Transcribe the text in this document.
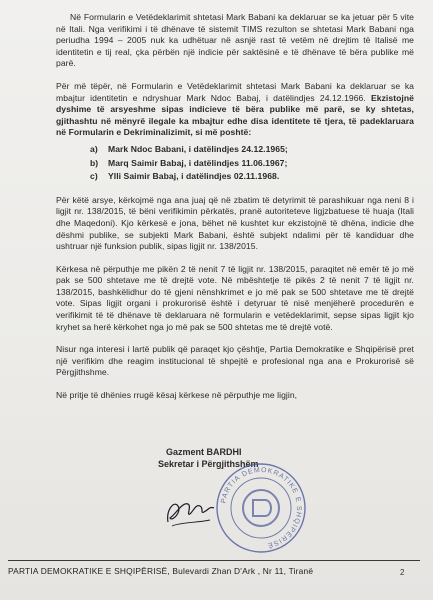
Në Formularin e Vetëdeklarimit shtetasi Mark Babani ka deklaruar se ka jetuar për 5 vite në Itali. Nga verifikimi i të dhënave të sistemit TIMS rezulton se shtetasi Mark Babani nga periudha 1994 – 2005 nuk ka udhëtuar në asnjë rast të vetëm në drejtim të Italisë me identitetin e tij real, çka përbën një indicie për saktësinë e të dhënave të bëra publike më parë.

Për më tëpër, në Formularin e Vetëdeklarimit shtetasi Mark Babani ka deklaruar se ka mbajtur identitetin e ndryshuar Mark Ndoc Babaj, i datëlindjes 24.12.1966. Ekzistojnë dyshime të arsyeshme sipas indicieve të bëra publike më parë, se ky shtetas, gjithashtu në mënyrë ilegale ka mbajtur edhe disa identitete të tjera, të padeklaruara në Formularin e Dekriminalizimit, si më poshtë:

a) Mark Ndoc Babani, i datëlindjes 24.12.1965;
b) Marq Saimir Babaj, i datëlindjes 11.06.1967;
c) Ylli Saimir Babaj, i datëlindjes 02.11.1968.

Për këtë arsye, kërkojmë nga ana juaj që në zbatim të detyrimit të parashikuar nga neni 8 i ligjit nr. 138/2015, të bëni verifikimin përkatës, pranë autoriteteve ligjzbatuese të huaja (Itali dhe Maqedoni). Kjo kërkesë e jona, bëhet në kushtet kur ekzistojnë të dhëna, indicie dhe dëshmi publike, se subjekti Mark Babani, është subjekt ndalimi për të kandiduar dhe ushtruar një funksion publik, sipas ligjit nr. 138/2015.

Kërkesa në përputhje me pikën 2 të nenit 7 të ligjit nr. 138/2015, paraqitet në emër të jo më pak se 500 shtetave me të drejtë vote. Në mbështetje të pikës 2 të nenit 7 të ligjit nr. 138/2015, bashkëlidhur do të gjeni nënshkrimet e jo më pak se 500 shtetave me të drejtë vote. Sipas ligjit organi i prokurorisë është i detyruar të nisë menjëherë procedurën e verifikimit të të dhënave të deklaruara në formularin e vetëdeklarimit, sepse sipas ligjit kjo kryhet sa herë kërkohet nga jo më pak se 500 shtetas me të drejtë votë.

Nisur nga interesi i lartë publik që paraqet kjo çështje, Partia Demokratike e Shqipërisë pret një verifikim dhe reagim institucional të shpejtë e profesional nga ana e Prokurorisë së Përgjithshme.

Në pritje të dhënies rrugë kësaj kërkese në përputhje me ligjin,

Gazment BARDHI
Sekretar i Përgjithshëm
PARTIA DEMOKRATIKE E SHQIPËRISË
PARTIA DEMOKRATIKE E SHQIPËRISË, Bulevardi Zhan D'Ark , Nr 11, Tiranë	2
